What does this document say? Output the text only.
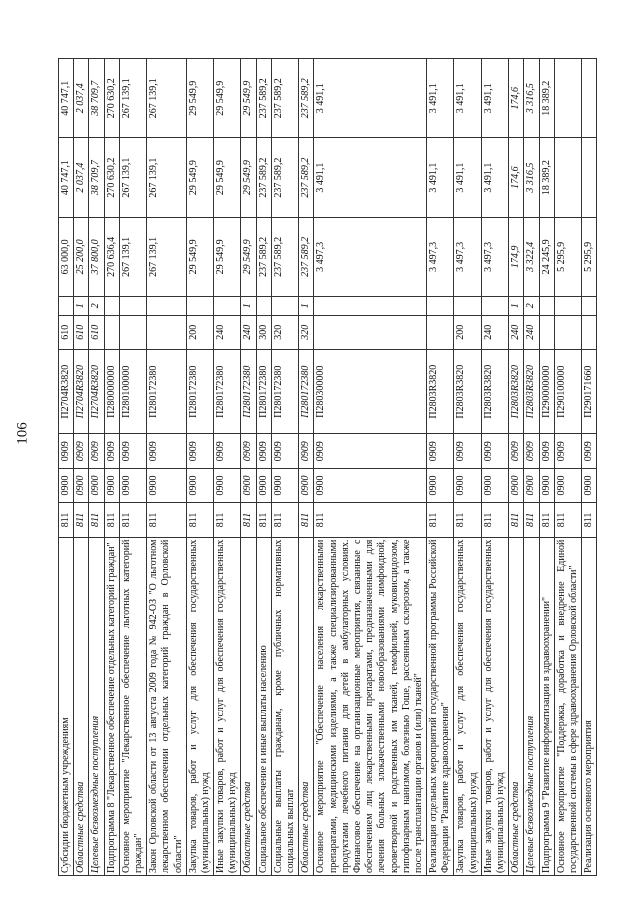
106
Субсидии бюджетным учреждениям	811	0900	0909	П2704R3820	610		63 000,0	40 747,1	40 747,1
Областные средства	811	0900	0909	П2704R3820	610	1	25 200,0	2 037,4	2 037,4
Целевые безвозмездные поступления	811	0900	0909	П2704R3820	610	2	37 800,0	38 709,7	38 709,7
Подпрограмма 8 "Лекарственное обеспечение отдельных категорий граждан"	811	0900	0909	П280000000			270 636,4	270 630,2	270 630,2
Основное мероприятие "Лекарственное обеспечение льготных категорий граждан"	811	0900	0909	П280100000			267 139,1	267 139,1	267 139,1
Закон Орловской области от 13 августа 2009 года № 942-ОЗ "О льготном лекарственном обеспечении отдельных категорий граждан в Орловской области"	811	0900	0909	П280172380			267 139,1	267 139,1	267 139,1
Закупка товаров, работ и услуг для обеспечения государственных (муниципальных) нужд	811	0900	0909	П280172380	200		29 549,9	29 549,9	29 549,9
Иные закупки товаров, работ и услуг для обеспечения государственных (муниципальных) нужд	811	0900	0909	П280172380	240		29 549,9	29 549,9	29 549,9
Областные средства	811	0900	0909	П280172380	240	1	29 549,9	29 549,9	29 549,9
Социальное обеспечение и иные выплаты населению	811	0900	0909	П280172380	300		237 589,2	237 589,2	237 589,2
Социальные выплаты гражданам, кроме публичных нормативных социальных выплат	811	0900	0909	П280172380	320		237 589,2	237 589,2	237 589,2
Областные средства	811	0900	0909	П280172380	320	1	237 589,2	237 589,2	237 589,2
Основное мероприятие "Обеспечение населения лекарственными препаратами, медицинскими изделиями, а также специализированными продуктами лечебного питания для детей в амбулаторных условиях. Финансовое обеспечение на организационные мероприятия, связанные с обеспечением лиц лекарственными препаратами, предназначенными для лечения больных злокачественными новообразованиями лимфоидной, кроветворной и родственных им тканей, гемофилией, муковисцидозом, гипофизарным нанизмом, болезнью Гоше, рассеянным склерозом, а также после трансплантации органов и (или) тканей"	811	0900	0909	П280300000			3 497,3	3 491,1	3 491,1
Реализация отдельных мероприятий государственной программы Российской Федерации "Развитие здравоохранения"	811	0900	0909	П2803R3820			3 497,3	3 491,1	3 491,1
Закупка товаров, работ и услуг для обеспечения государственных (муниципальных) нужд	811	0900	0909	П2803R3820	200		3 497,3	3 491,1	3 491,1
Иные закупки товаров, работ и услуг для обеспечения государственных (муниципальных) нужд	811	0900	0909	П2803R3820	240		3 497,3	3 491,1	3 491,1
Областные средства	811	0900	0909	П2803R3820	240	1	174,9	174,6	174,6
Целевые безвозмездные поступления	811	0900	0909	П2803R3820	240	2	3 322,4	3 316,5	3 316,5
Подпрограмма 9 "Развитие информатизации в здравоохранении"	811	0900	0909	П290000000			24 245,9	18 389,2	18 389,2
Основное мероприятие "Поддержка, доработка и внедрение Единой государственной системы в сфере здравоохранения Орловской области"	811	0900	0909	П290100000			5 295,9		
Реализация основного мероприятия	811	0900	0909	П290171660			5 295,9		
